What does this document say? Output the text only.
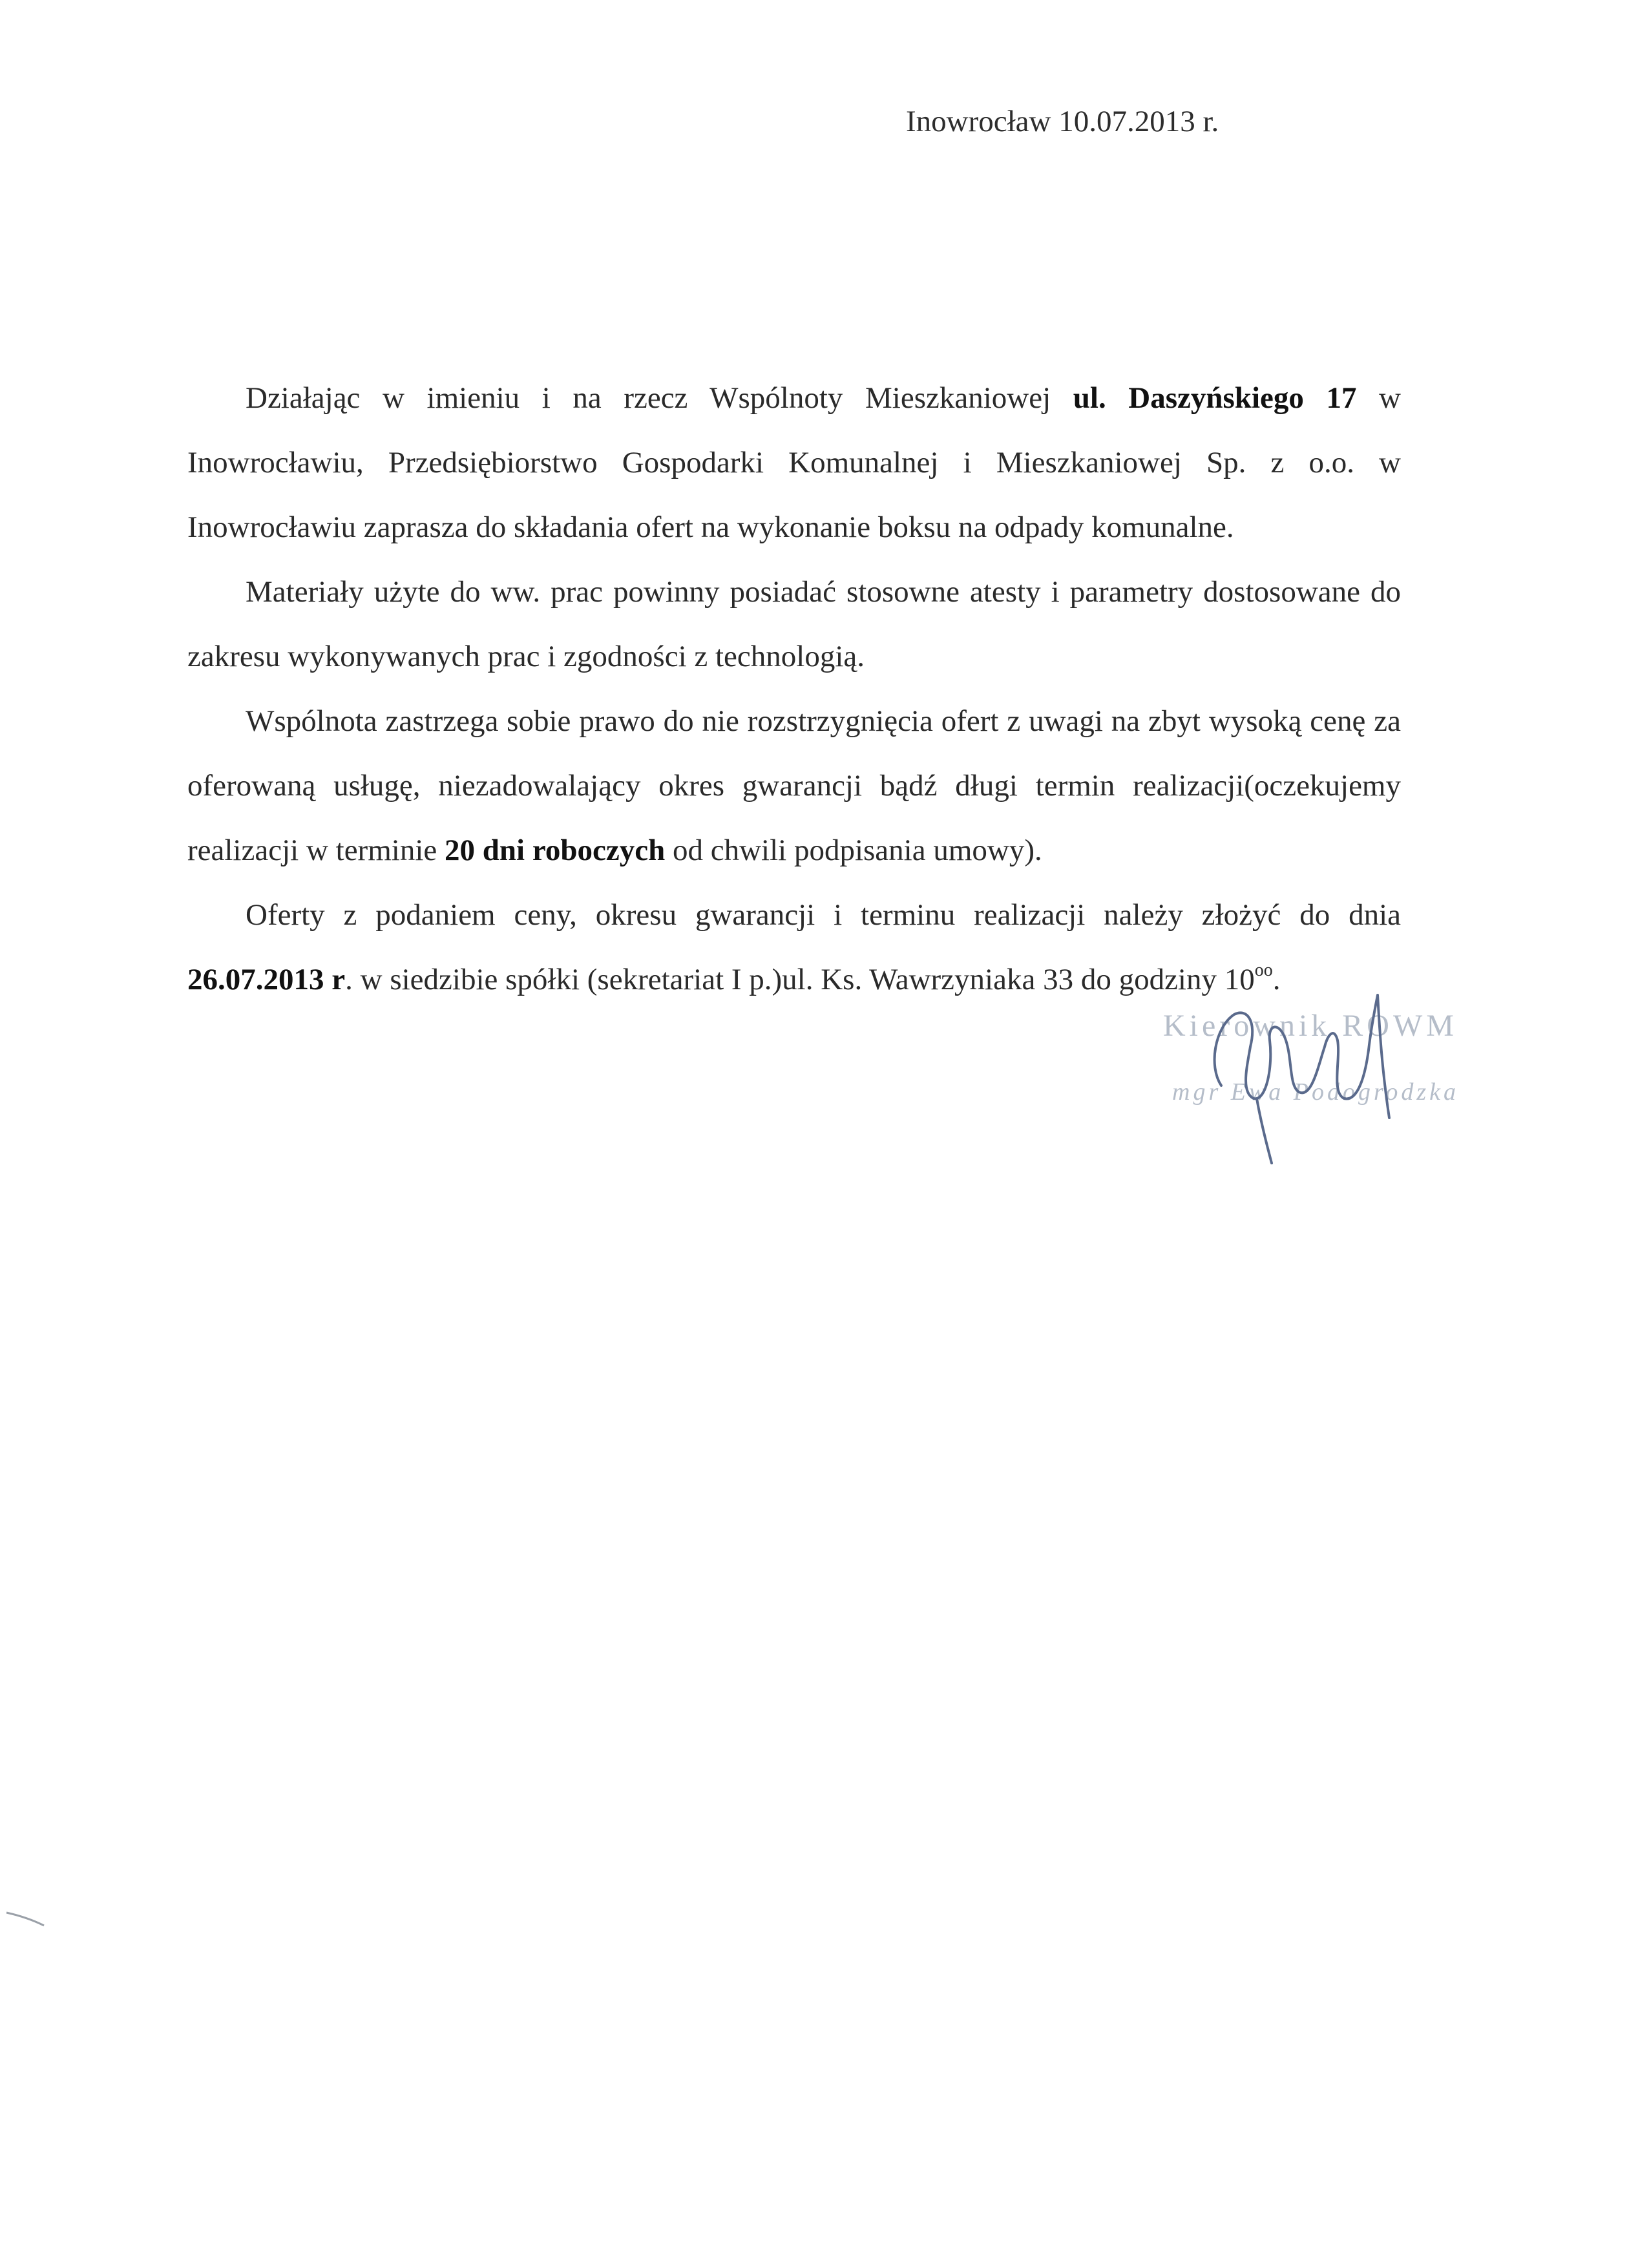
Inowrocław 10.07.2013 r.

Działając w imieniu i na rzecz Wspólnoty Mieszkaniowej ul. Daszyńskiego 17 w Inowrocławiu, Przedsiębiorstwo Gospodarki Komunalnej i Mieszkaniowej Sp. z o.o. w Inowrocławiu zaprasza do składania ofert na wykonanie boksu na odpady komunalne.

Materiały użyte do ww. prac powinny posiadać stosowne atesty i parametry dostosowane do zakresu wykonywanych prac i zgodności z technologią.

Wspólnota zastrzega sobie prawo do nie rozstrzygnięcia ofert z uwagi na zbyt wysoką cenę za oferowaną usługę, niezadowalający okres gwarancji bądź długi termin realizacji(oczekujemy realizacji w terminie 20 dni roboczych od chwili podpisania umowy).

Oferty z podaniem ceny, okresu gwarancji i terminu realizacji należy złożyć do dnia 26.07.2013 r. w siedzibie spółki (sekretariat I p.)ul. Ks. Wawrzyniaka 33 do godziny $10^{oo}$.

Kierownik ROWM
mgr Ewa Podogrodzka
